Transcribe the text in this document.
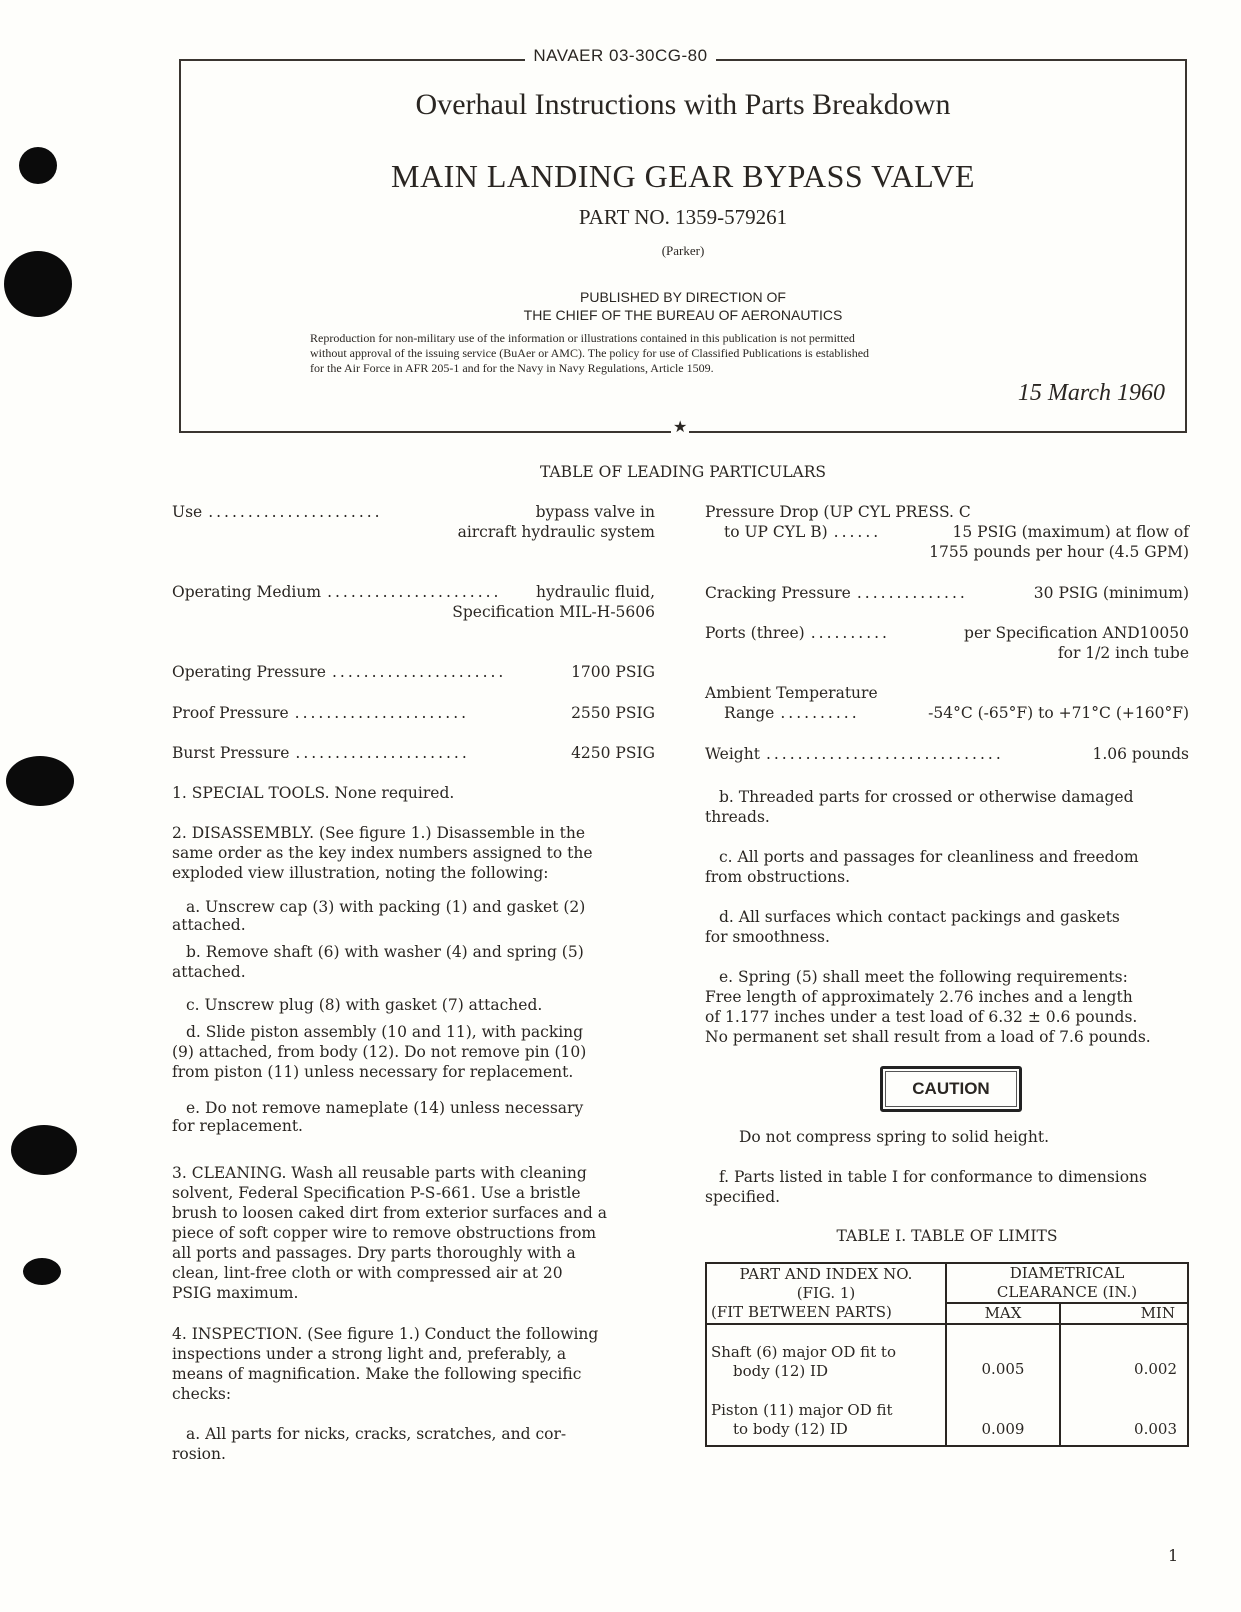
NAVAER 03-30CG-80
Overhaul Instructions with Parts Breakdown
MAIN LANDING GEAR BYPASS VALVE
PART NO. 1359-579261
(Parker)
PUBLISHED BY DIRECTION OF
THE CHIEF OF THE BUREAU OF AERONAUTICS
Reproduction for non-military use of the information or illustrations contained in this publication is not permitted
without approval of the issuing service (BuAer or AMC). The policy for use of Classified Publications is established
for the Air Force in AFR 205-1 and for the Navy in Navy Regulations, Article 1509.
15 March 1960
★
TABLE OF LEADING PARTICULARS
Use ......................	bypass valve in
aircraft hydraulic system
Operating Medium ......................	hydraulic fluid,
Specification MIL-H-5606
Operating Pressure ......................	1700 PSIG
Proof Pressure ......................	2550 PSIG
Burst Pressure ......................	4250 PSIG
Pressure Drop (UP CYL PRESS. C
to UP CYL B) ......	15 PSIG (maximum) at flow of
1755 pounds per hour (4.5 GPM)
Cracking Pressure ..............	30 PSIG (minimum)
Ports (three) ..........	per Specification AND10050
for 1/2 inch tube
Ambient Temperature
Range ..........	-54°C (-65°F) to +71°C (+160°F)
Weight ..............................	1.06 pounds
1. SPECIAL TOOLS. None required.
2. DISASSEMBLY. (See figure 1.) Disassemble in the
same order as the key index numbers assigned to the
exploded view illustration, noting the following:
a. Unscrew cap (3) with packing (1) and gasket (2)
attached.
b. Remove shaft (6) with washer (4) and spring (5)
attached.
c. Unscrew plug (8) with gasket (7) attached.
d. Slide piston assembly (10 and 11), with packing
(9) attached, from body (12). Do not remove pin (10)
from piston (11) unless necessary for replacement.
e. Do not remove nameplate (14) unless necessary
for replacement.
3. CLEANING. Wash all reusable parts with cleaning
solvent, Federal Specification P-S-661. Use a bristle
brush to loosen caked dirt from exterior surfaces and a
piece of soft copper wire to remove obstructions from
all ports and passages. Dry parts thoroughly with a
clean, lint-free cloth or with compressed air at 20
PSIG maximum.
4. INSPECTION. (See figure 1.) Conduct the following
inspections under a strong light and, preferably, a
means of magnification. Make the following specific
checks:
a. All parts for nicks, cracks, scratches, and cor-
rosion.
b. Threaded parts for crossed or otherwise damaged
threads.
c. All ports and passages for cleanliness and freedom
from obstructions.
d. All surfaces which contact packings and gaskets
for smoothness.
e. Spring (5) shall meet the following requirements:
Free length of approximately 2.76 inches and a length
of 1.177 inches under a test load of 6.32 ± 0.6 pounds.
No permanent set shall result from a load of 7.6 pounds.
CAUTION
Do not compress spring to solid height.
f. Parts listed in table I for conformance to dimensions
specified.
TABLE I. TABLE OF LIMITS
PART AND INDEX NO.
(FIG. 1)
(FIT BETWEEN PARTS)

DIAMETRICAL
CLEARANCE (IN.)

	MAX	MIN

Shaft (6) major OD fit to
body (12) ID	0.005	0.002

Piston (11) major OD fit
to body (12) ID	0.009	0.003
1
